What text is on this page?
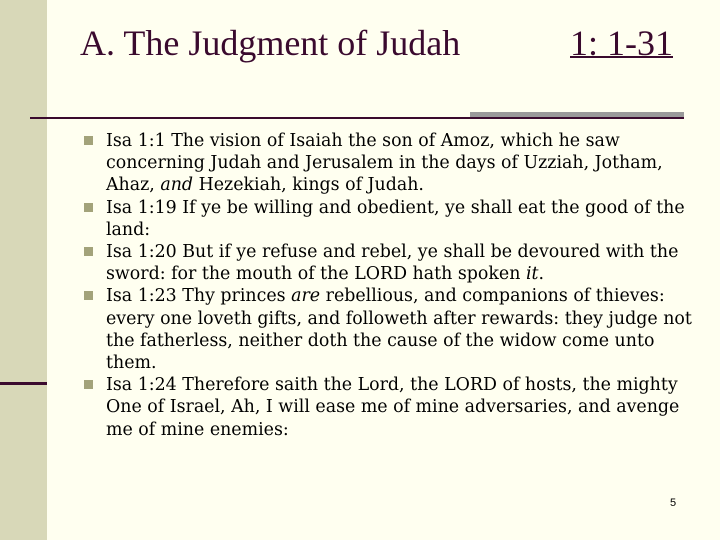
A. The Judgment of Judah	1: 1-31
Isa 1:1 The vision of Isaiah the son of Amoz, which he saw concerning Judah and Jerusalem in the days of Uzziah, Jotham, Ahaz, and Hezekiah, kings of Judah.
Isa 1:19 If ye be willing and obedient, ye shall eat the good of the land:
Isa 1:20 But if ye refuse and rebel, ye shall be devoured with the sword: for the mouth of the LORD hath spoken it.
Isa 1:23 Thy princes are rebellious, and companions of thieves: every one loveth gifts, and followeth after rewards: they judge not the fatherless, neither doth the cause of the widow come unto them.
Isa 1:24 Therefore saith the Lord, the LORD of hosts, the mighty One of Israel, Ah, I will ease me of mine adversaries, and avenge me of mine enemies:
5
